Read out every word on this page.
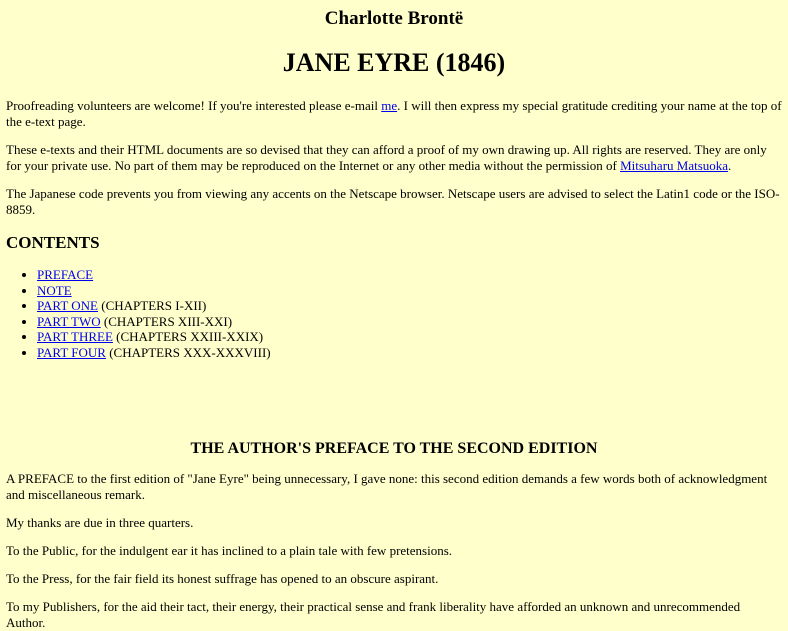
Charlotte Brontë
JANE EYRE (1846)

Proofreading volunteers are welcome! If you're interested please e-mail me. I will then express my special gratitude crediting your name at the top of the e-text page.

These e-texts and their HTML documents are so devised that they can afford a proof of my own drawing up. All rights are reserved. They are only for your private use. No part of them may be reproduced on the Internet or any other media without the permission of Mitsuharu Matsuoka.

The Japanese code prevents you from viewing any accents on the Netscape browser. Netscape users are advised to select the Latin1 code or the ISO-8859.

CONTENTS
• PREFACE
• NOTE
• PART ONE (CHAPTERS I-XII)
• PART TWO (CHAPTERS XIII-XXI)
• PART THREE (CHAPTERS XXIII-XXIX)
• PART FOUR (CHAPTERS XXX-XXXVIII)
THE AUTHOR'S PREFACE TO THE SECOND EDITION

A PREFACE to the first edition of "Jane Eyre" being unnecessary, I gave none: this second edition demands a few words both of acknowledgment and miscellaneous remark.

My thanks are due in three quarters.

To the Public, for the indulgent ear it has inclined to a plain tale with few pretensions.

To the Press, for the fair field its honest suffrage has opened to an obscure aspirant.

To my Publishers, for the aid their tact, their energy, their practical sense and frank liberality have afforded an unknown and unrecommended Author.
